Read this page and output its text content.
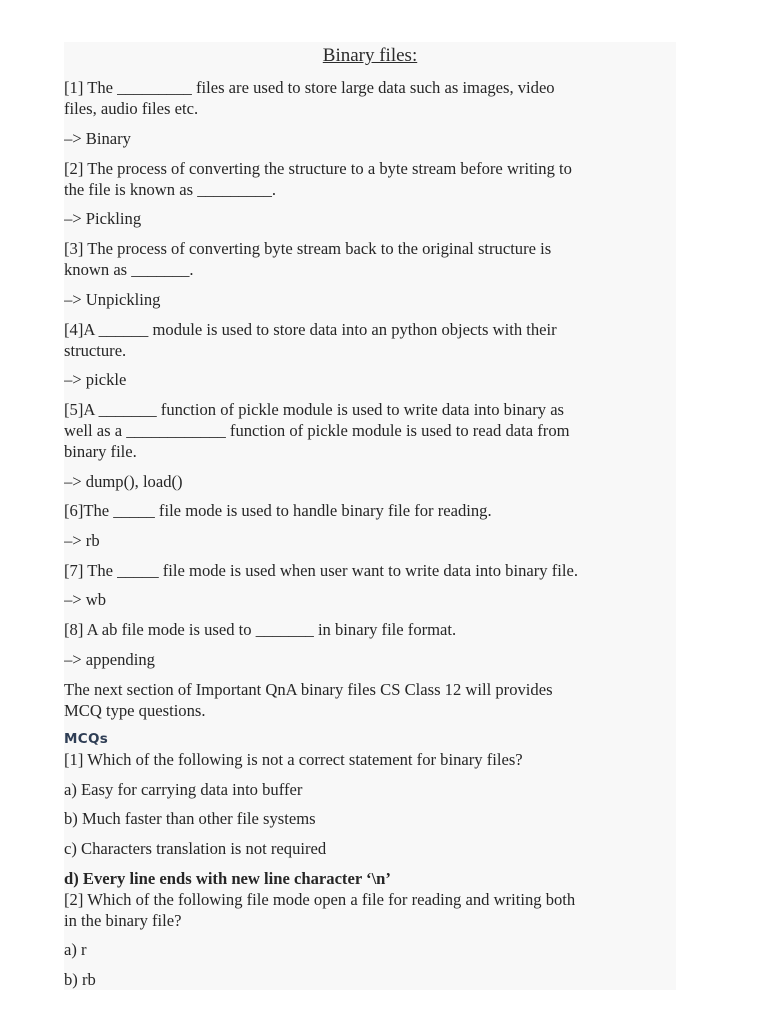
Binary files:
[1] The _________ files are used to store large data such as images, video
files, audio files etc.
–> Binary
[2] The process of converting the structure to a byte stream before writing to
the file is known as _________.
–> Pickling
[3] The process of converting byte stream back to the original structure is
known as _______.
–> Unpickling
[4]A ______ module is used to store data into an python objects with their
structure.
–> pickle
[5]A _______ function of pickle module is used to write data into binary as
well as a ____________ function of pickle module is used to read data from
binary file.
–> dump(), load()
[6]The _____ file mode is used to handle binary file for reading.
–> rb
[7] The _____ file mode is used when user want to write data into binary file.
–> wb
[8] A ab file mode is used to _______ in binary file format.
–> appending
The next section of Important QnA binary files CS Class 12 will provides
MCQ type questions.
MCQs
[1] Which of the following is not a correct statement for binary files?
a) Easy for carrying data into buffer
b) Much faster than other file systems
c) Characters translation is not required
d) Every line ends with new line character ‘\n’
[2] Which of the following file mode open a file for reading and writing both
in the binary file?
a) r
b) rb
